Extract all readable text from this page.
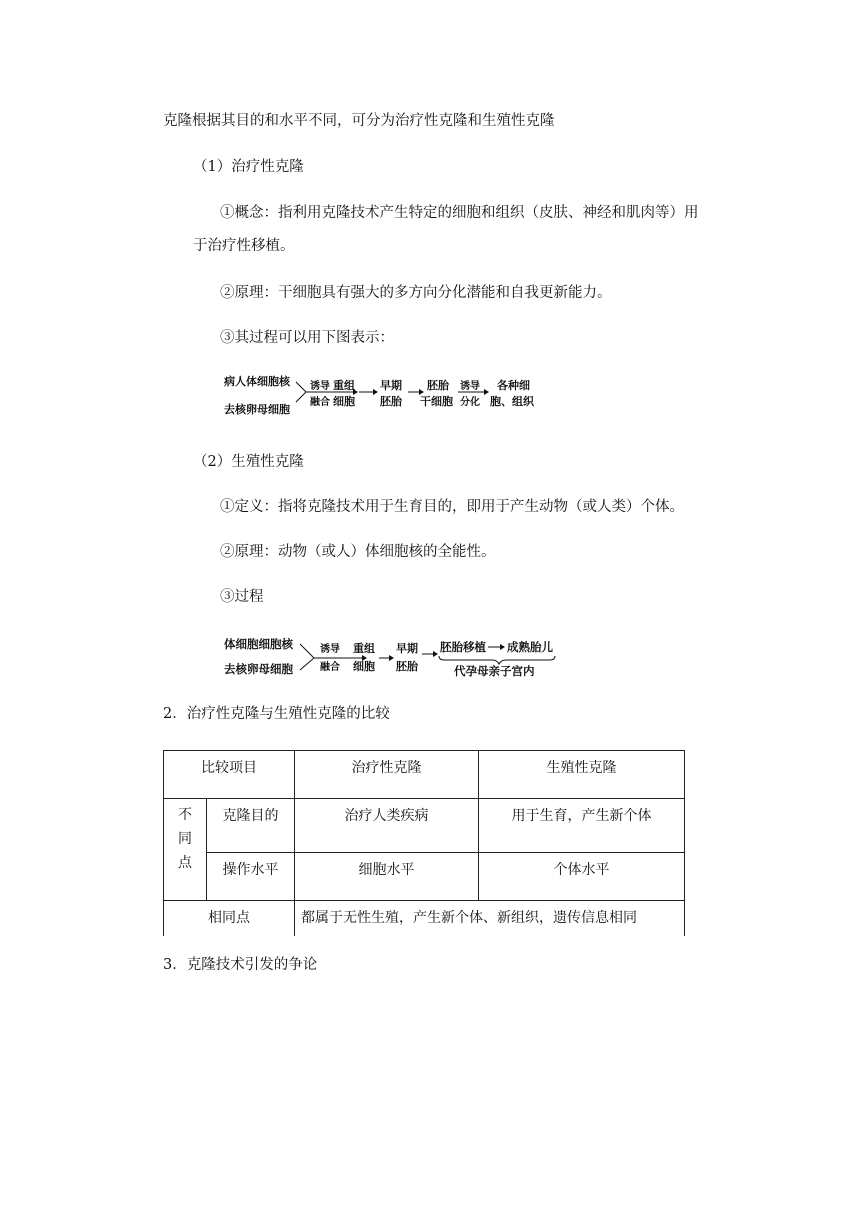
克隆根据其目的和水平不同，可分为治疗性克隆和生殖性克隆
（1）治疗性克隆
①概念：指利用克隆技术产生特定的细胞和组织（皮肤、神经和肌肉等）用
于治疗性移植。
②原理：干细胞具有强大的多方向分化潜能和自我更新能力。
③其过程可以用下图表示：
病人体细胞核
去核卵母细胞
诱导
融合
重组
细胞
早期
胚胎
胚胎
干细胞
诱导
分化
各种细
胞、组织
（2）生殖性克隆
①定义：指将克隆技术用于生育目的，即用于产生动物（或人类）个体。
②原理：动物（或人）体细胞核的全能性。
③过程
体细胞细胞核
去核卵母细胞
诱导
融合
重组
细胞
早期
胚胎
胚胎移植 成熟胎儿
代孕母亲子宫内
2．治疗性克隆与生殖性克隆的比较
比较项目		治疗性克隆	生殖性克隆

不
同
点	克隆目的	治疗人类疾病	用于生育，产生新个体
	操作水平	细胞水平	个体水平
相同点		都属于无性生殖，产生新个体、新组织，遗传信息相同	
3．克隆技术引发的争论
